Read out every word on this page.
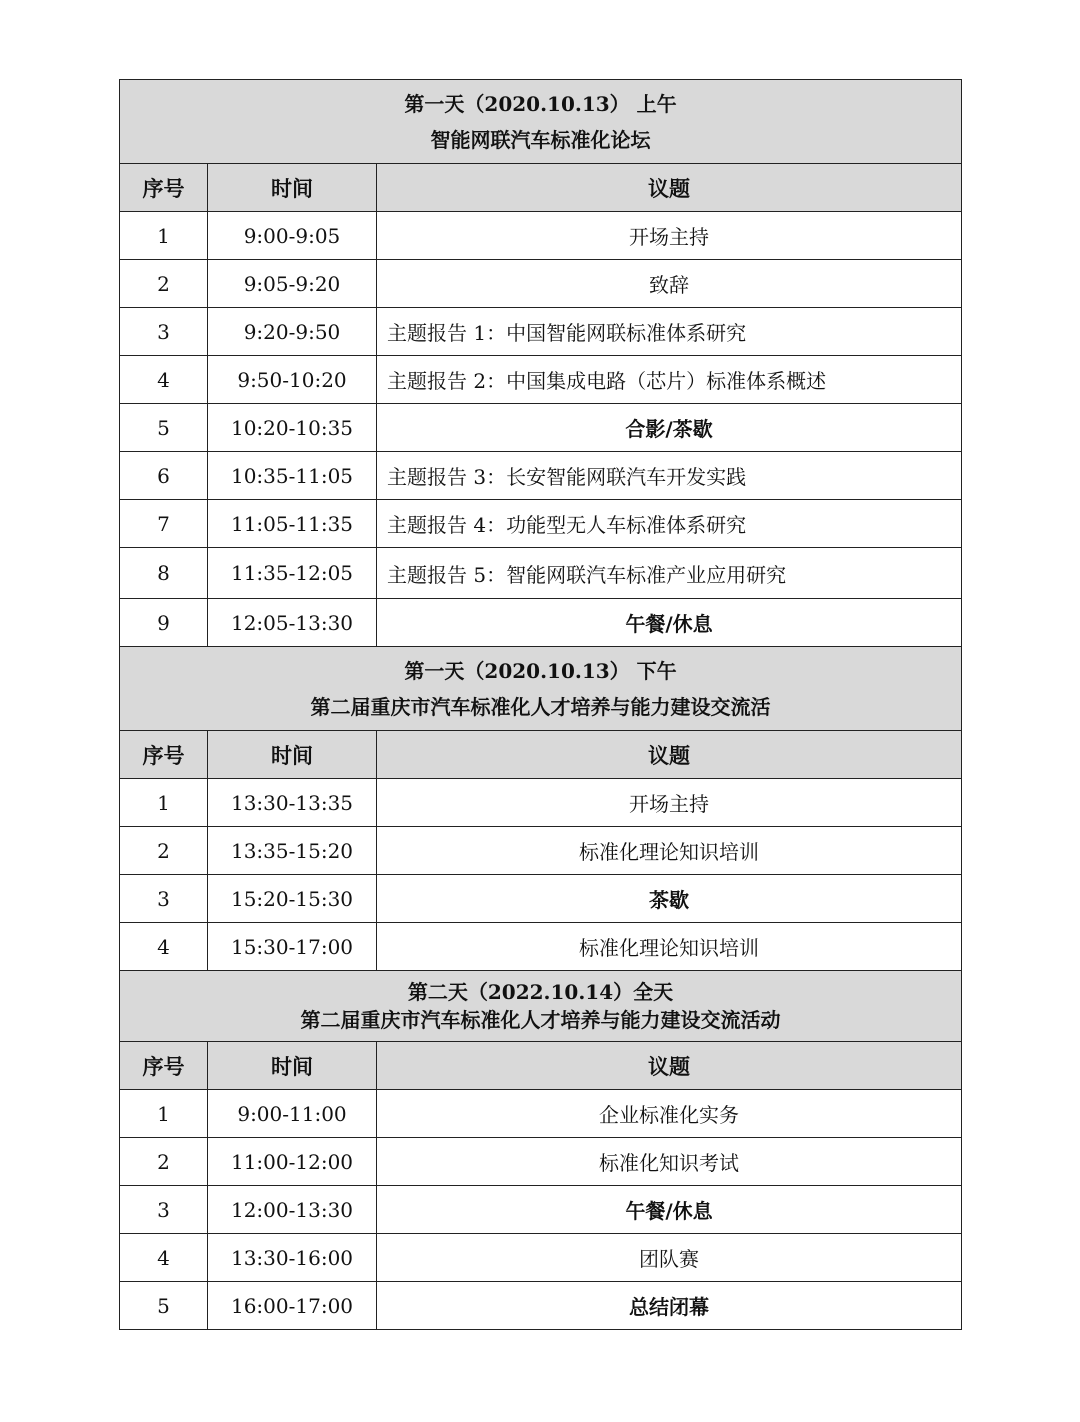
第一天（2020.10.13） 上午
智能网联汽车标准化论坛		

序号	时间	议题
1	9:00-9:05	开场主持
2	9:05-9:20	致辞
3	9:20-9:50	主题报告 1：中国智能网联标准体系研究
4	9:50-10:20	主题报告 2：中国集成电路（芯片）标准体系概述
5	10:20-10:35	合影/茶歇
6	10:35-11:05	主题报告 3：长安智能网联汽车开发实践
7	11:05-11:35	主题报告 4：功能型无人车标准体系研究
8	11:35-12:05	主题报告 5：智能网联汽车标准产业应用研究
9	12:05-13:30	午餐/休息

第一天（2020.10.13） 下午
第二届重庆市汽车标准化人才培养与能力建设交流活		

序号	时间	议题
1	13:30-13:35	开场主持
2	13:35-15:20	标准化理论知识培训
3	15:20-15:30	茶歇
4	15:30-17:00	标准化理论知识培训

第二天（2022.10.14）全天
第二届重庆市汽车标准化人才培养与能力建设交流活动		

序号	时间	议题
1	9:00-11:00	企业标准化实务
2	11:00-12:00	标准化知识考试
3	12:00-13:30	午餐/休息
4	13:30-16:00	团队赛
5	16:00-17:00	总结闭幕
